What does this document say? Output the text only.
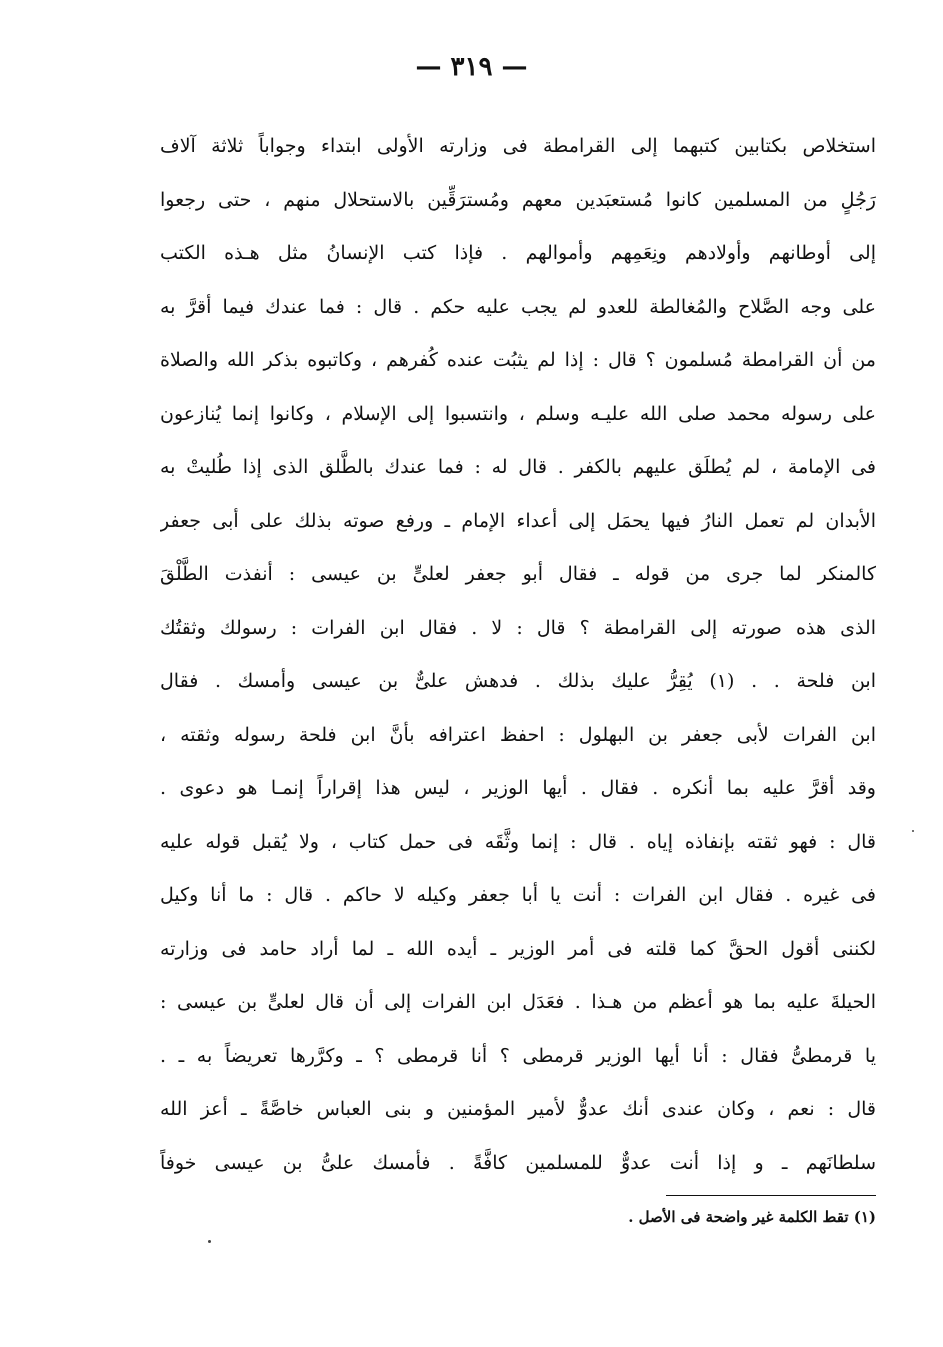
— ٣١٩ —
استخلاص بكتابين كتبهما إلى القرامطة فى وزارته الأولى ابتداء وجواباً ثلاثة آلاف
رَجُلٍ من المسلمين كانوا مُستعبَدين معهم ومُسترَقِّين بالاستحلال منهم ، حتى رجعوا
إلى أوطانهم وأولادهم ونِعَمِهم وأموالهم . فإذا كتب الإنسانُ مثل هـذه الكتب
على وجه الصَّلاح والمُغالطة للعدو لم يجب عليه حكم . قال : فما عندك فيما أقرَّ به
من أن القرامطة مُسلمون ؟ قال : إذا لم يثبُت عنده كُفرهم ، وكاتبوه بذكر الله والصلاة
على رسوله محمد صلى الله عليـه وسلم ، وانتسبوا إلى الإسلام ، وكانوا إنما يُنازعون
فى الإمامة ، لم يُطلَق عليهم بالكفر . قال له : فما عندك بالطَّلق الذى إذا طُليتْ به
الأبدان لم تعمل النارُ فيها يحمَل إلى أعداء الإمام ـ ورفع صوته بذلك على أبى جعفر
كالمنكر لما جرى من قوله ـ فقال أبو جعفر لعلىٍّ بن عيسى : أنفذت الطَّلْقَ
الذى هذه صورته إلى القرامطة ؟ قال : لا . فقال ابن الفرات : رسولك وثقتُك
ابن فلحة . . (١) يُقِرُّ عليك بذلك . فدهش علىٌّ بن عيسى وأمسك . فقال
ابن الفرات لأبى جعفر بن البهلول : احفظ اعترافه بأنَّ ابن فلحة رسوله وثقته ،
وقد أقرَّ عليه بما أنكره . فقال . أيها الوزير ، ليس هذا إقراراً إنمـا هو دعوى .
قال : فهو ثقته بإنفاذه إياه . قال : إنما وثَّقَه فى حمل كتاب ، ولا يُقبل قوله عليه
فى غيره . فقال ابن الفرات : أنت يا أبا جعفر وكيله لا حاكم . قال : ما أنا وكيل
لكننى أقول الحقَّ كما قلته فى أمر الوزير ـ أيده الله ـ لما أراد حامد فى وزارته
الحيلةَ عليه بما هو أعظم من هـذا . فعَدَل ابن الفرات إلى أن قال لعلىٍّ بن عيسى :
يا قرمطىُّ فقال : أنا أيها الوزير قرمطى ؟ أنا قرمطى ؟ ـ وكرَّرها تعريضاً به ـ .
قال : نعم ، وكان عندى أنك عدوٌّ لأمير المؤمنين و بنى العباس خاصَّةً ـ أعز الله
سلطانَهم ـ و إذا أنت عدوٌّ للمسلمين كافَّةً . فأمسك علىُّ بن عيسى خوفاً
(١) تقط الكلمة غير واضحة فى الأصل .
